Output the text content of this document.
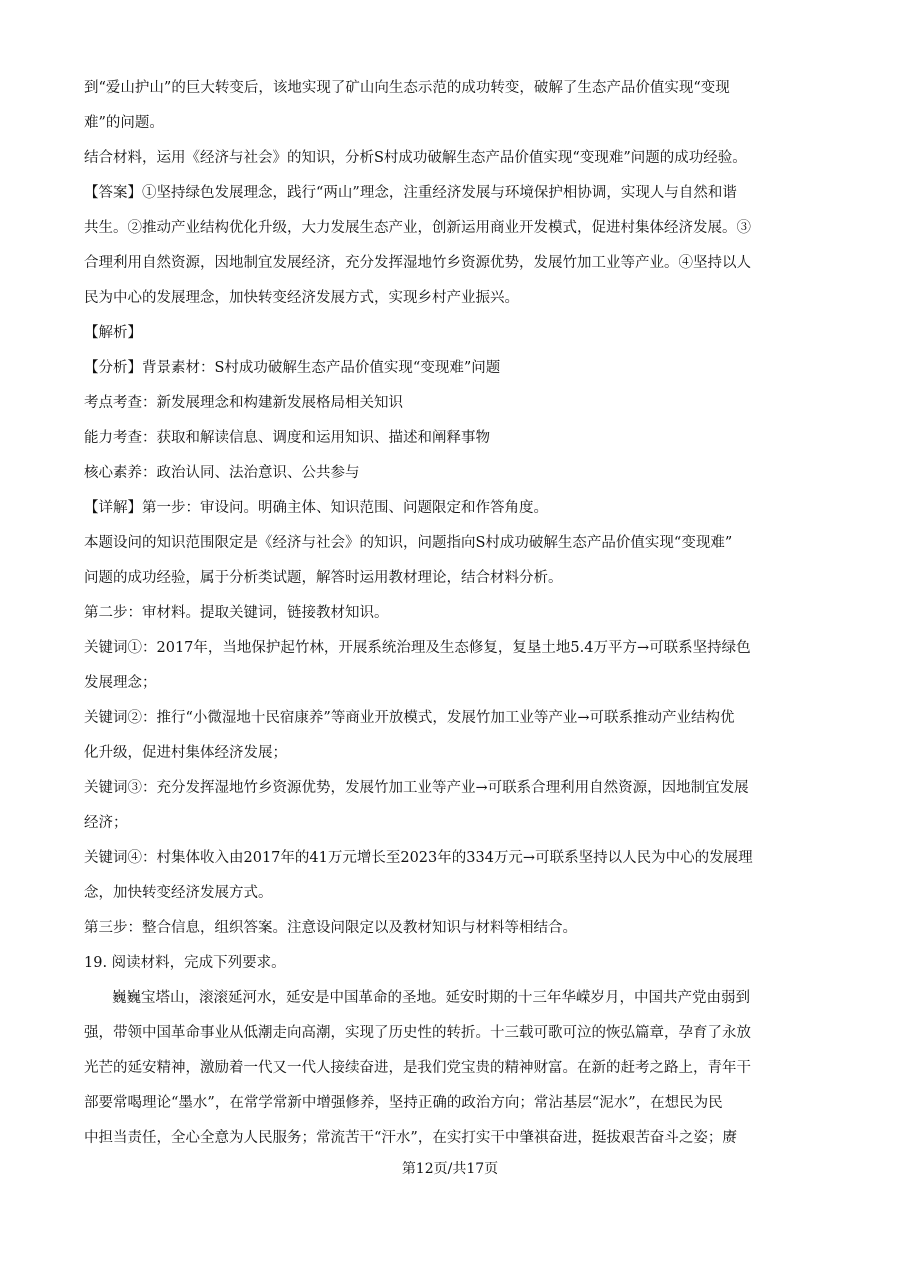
到“爱山护山”的巨大转变后，该地实现了矿山向生态示范的成功转变，破解了生态产品价值实现“变现
难”的问题。
结合材料，运用《经济与社会》的知识，分析S村成功破解生态产品价值实现“变现难”问题的成功经验。
【答案】①坚持绿色发展理念，践行“两山”理念，注重经济发展与环境保护相协调，实现人与自然和谐
共生。②推动产业结构优化升级，大力发展生态产业，创新运用商业开发模式，促进村集体经济发展。③
合理利用自然资源，因地制宜发展经济，充分发挥湿地竹乡资源优势，发展竹加工业等产业。④坚持以人
民为中心的发展理念，加快转变经济发展方式，实现乡村产业振兴。
【解析】
【分析】背景素材：S村成功破解生态产品价值实现“变现难”问题
考点考查：新发展理念和构建新发展格局相关知识
能力考查：获取和解读信息、调度和运用知识、描述和阐释事物
核心素养：政治认同、法治意识、公共参与
【详解】第一步：审设问。明确主体、知识范围、问题限定和作答角度。
本题设问的知识范围限定是《经济与社会》的知识，问题指向S村成功破解生态产品价值实现“变现难”
问题的成功经验，属于分析类试题，解答时运用教材理论，结合材料分析。
第二步：审材料。提取关键词，链接教材知识。
关键词①：2017年，当地保护起竹林，开展系统治理及生态修复，复垦土地5.4万平方→可联系坚持绿色
发展理念；
关键词②：推行“小微湿地十民宿康养”等商业开放模式，发展竹加工业等产业→可联系推动产业结构优
化升级，促进村集体经济发展；
关键词③：充分发挥湿地竹乡资源优势，发展竹加工业等产业→可联系合理利用自然资源，因地制宜发展
经济；
关键词④：村集体收入由2017年的41万元增长至2023年的334万元→可联系坚持以人民为中心的发展理
念，加快转变经济发展方式。
第三步：整合信息，组织答案。注意设问限定以及教材知识与材料等相结合。
19. 阅读材料，完成下列要求。
巍巍宝塔山，滚滚延河水，延安是中国革命的圣地。延安时期的十三年华嵘岁月，中国共产党由弱到
强，带领中国革命事业从低潮走向高潮，实现了历史性的转折。十三载可歌可泣的恢弘篇章，孕育了永放
光芒的延安精神，激励着一代又一代人接续奋进，是我们党宝贵的精神财富。在新的赶考之路上，青年干
部要常喝理论“墨水”，在常学常新中增强修养，坚持正确的政治方向；常沾基层“泥水”，在想民为民
中担当责任，全心全意为人民服务；常流苦干“汗水”，在实打实干中肇祺奋进，挺拔艰苦奋斗之姿；赓
第12页/共17页
